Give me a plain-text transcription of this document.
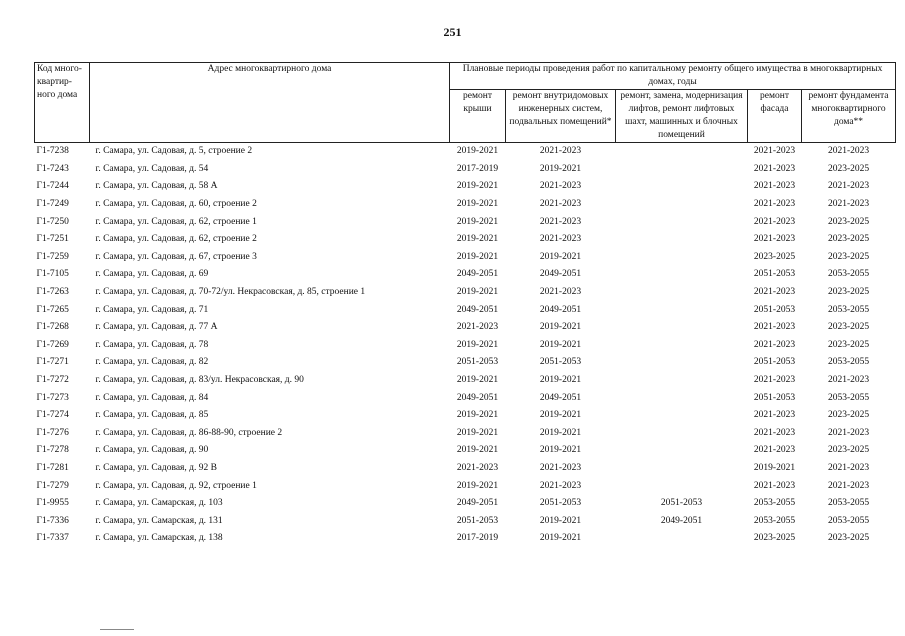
251
Код много-квартир-ного дома	Адрес многоквартирного дома	Плановые периоды проведения работ по капитальному ремонту общего имущества в многоквартирных домах, годы				
		ремонт крыши	ремонт внутридомовых инженерных систем, подвальных помещений*	ремонт, замена, модернизация лифтов, ремонт лифтовых шахт, машинных и блочных помещений	ремонт фасада	ремонт фундамента многоквартирного дома**
Г1-7238	г. Самара, ул. Садовая, д. 5, строение 2	2019-2021	2021-2023		2021-2023	2021-2023
Г1-7243	г. Самара, ул. Садовая, д. 54	2017-2019	2019-2021		2021-2023	2023-2025
Г1-7244	г. Самара, ул. Садовая, д. 58 А	2019-2021	2021-2023		2021-2023	2021-2023
Г1-7249	г. Самара, ул. Садовая, д. 60, строение 2	2019-2021	2021-2023		2021-2023	2021-2023
Г1-7250	г. Самара, ул. Садовая, д. 62, строение 1	2019-2021	2021-2023		2021-2023	2023-2025
Г1-7251	г. Самара, ул. Садовая, д. 62, строение 2	2019-2021	2021-2023		2021-2023	2023-2025
Г1-7259	г. Самара, ул. Садовая, д. 67, строение 3	2019-2021	2019-2021		2023-2025	2023-2025
Г1-7105	г. Самара, ул. Садовая, д. 69	2049-2051	2049-2051		2051-2053	2053-2055
Г1-7263	г. Самара, ул. Садовая, д. 70-72/ул. Некрасовская, д. 85, строение 1	2019-2021	2021-2023		2021-2023	2023-2025
Г1-7265	г. Самара, ул. Садовая, д. 71	2049-2051	2049-2051		2051-2053	2053-2055
Г1-7268	г. Самара, ул. Садовая, д. 77 А	2021-2023	2019-2021		2021-2023	2023-2025
Г1-7269	г. Самара, ул. Садовая, д. 78	2019-2021	2019-2021		2021-2023	2023-2025
Г1-7271	г. Самара, ул. Садовая, д. 82	2051-2053	2051-2053		2051-2053	2053-2055
Г1-7272	г. Самара, ул. Садовая, д. 83/ул. Некрасовская, д. 90	2019-2021	2019-2021		2021-2023	2021-2023
Г1-7273	г. Самара, ул. Садовая, д. 84	2049-2051	2049-2051		2051-2053	2053-2055
Г1-7274	г. Самара, ул. Садовая, д. 85	2019-2021	2019-2021		2021-2023	2023-2025
Г1-7276	г. Самара, ул. Садовая, д. 86-88-90, строение 2	2019-2021	2019-2021		2021-2023	2021-2023
Г1-7278	г. Самара, ул. Садовая, д. 90	2019-2021	2019-2021		2021-2023	2023-2025
Г1-7281	г. Самара, ул. Садовая, д. 92 В	2021-2023	2021-2023		2019-2021	2021-2023
Г1-7279	г. Самара, ул. Садовая, д. 92, строение 1	2019-2021	2021-2023		2021-2023	2021-2023
Г1-9955	г. Самара, ул. Самарская, д. 103	2049-2051	2051-2053	2051-2053	2053-2055	2053-2055
Г1-7336	г. Самара, ул. Самарская, д. 131	2051-2053	2019-2021	2049-2051	2053-2055	2053-2055
Г1-7337	г. Самара, ул. Самарская, д. 138	2017-2019	2019-2021		2023-2025	2023-2025
